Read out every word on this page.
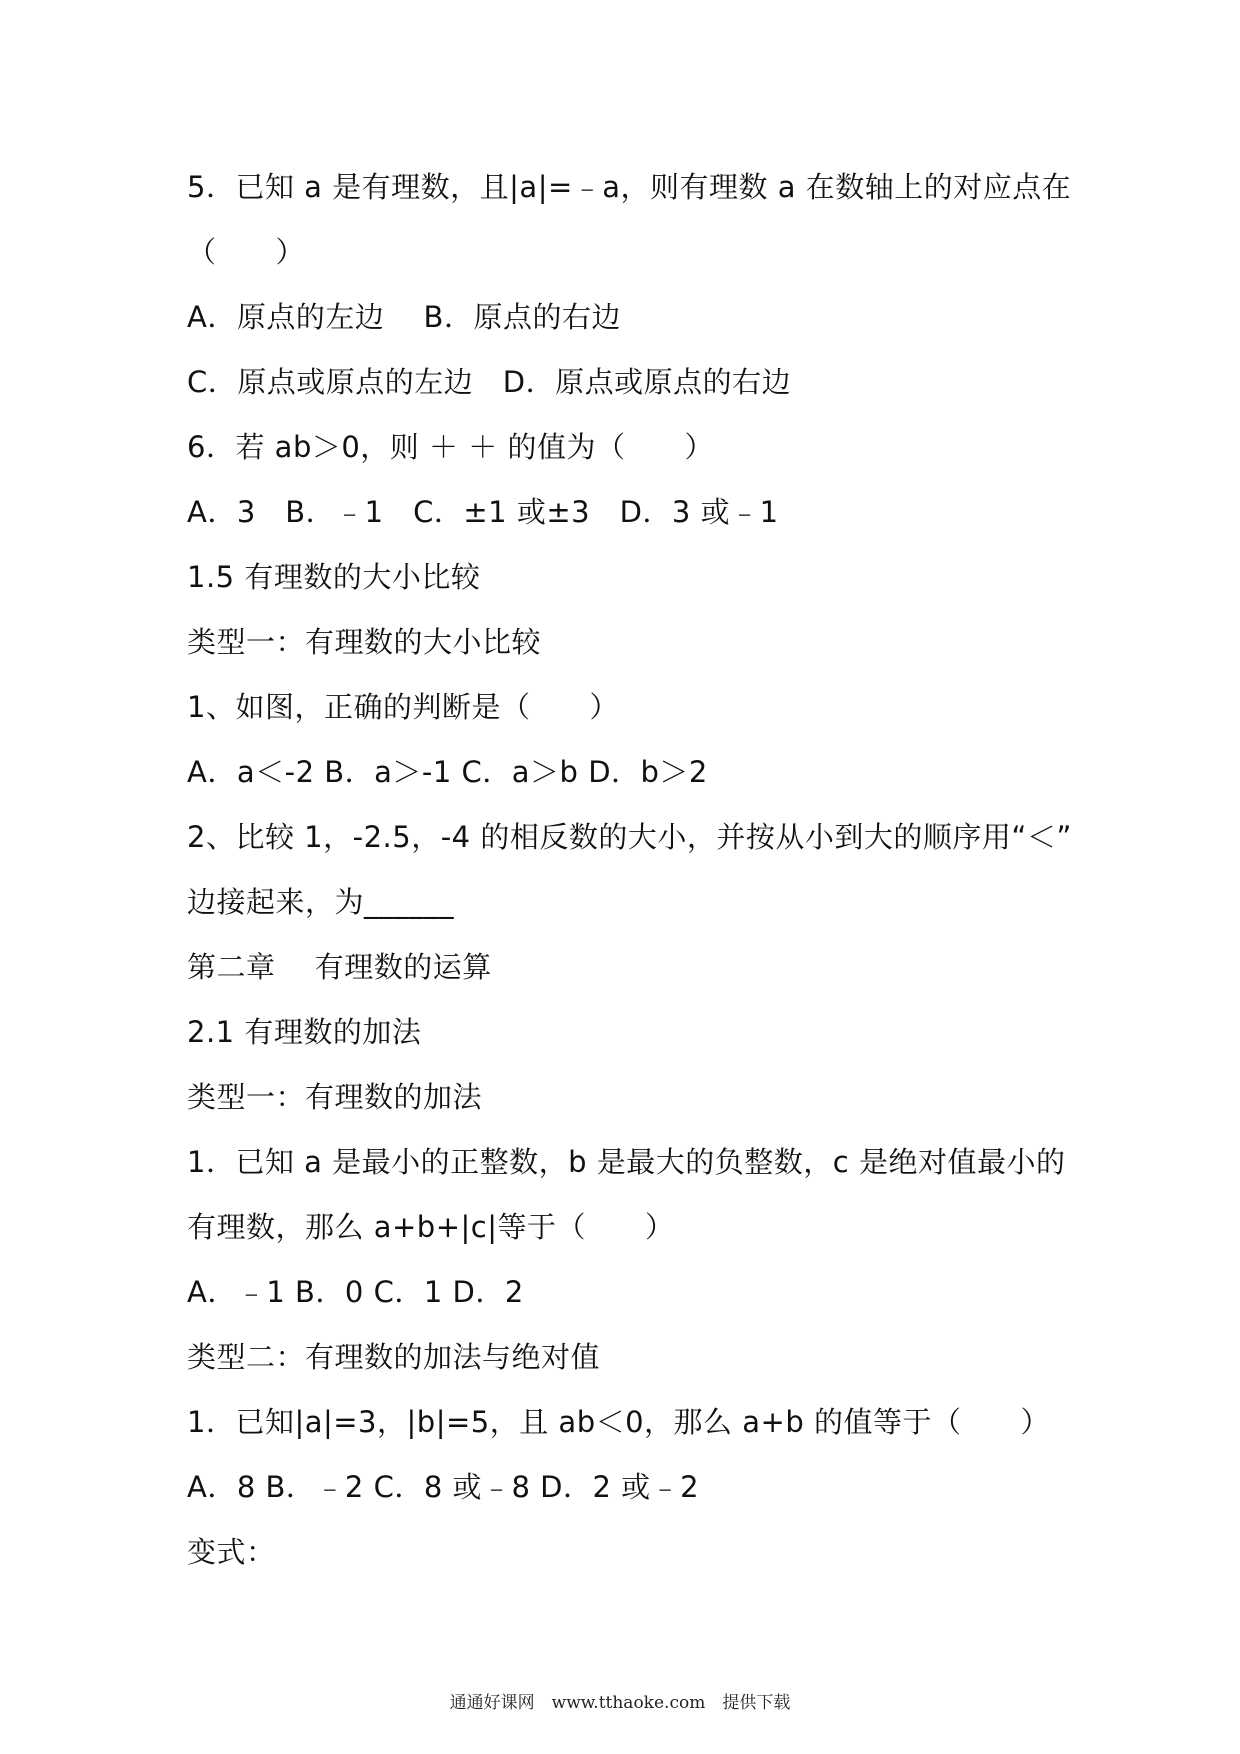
5．已知 a 是有理数，且|a|=﹣a，则有理数 a 在数轴上的对应点在
（　　）
A．原点的左边　 B．原点的右边
C．原点或原点的左边　D．原点或原点的右边
6．若 ab＞0，则 ＋ ＋ 的值为（　　）
A．3　B．﹣1　C．±1 或±3　D．3 或﹣1
1.5 有理数的大小比较
类型一：有理数的大小比较
1、如图，正确的判断是（　　）
A．a＜-2 B．a＞-1 C．a＞b D．b＞2
2、比较 1，-2.5，-4 的相反数的大小，并按从小到大的顺序用“＜”
边接起来，为______
第二章　 有理数的运算
2.1 有理数的加法
类型一：有理数的加法
1．已知 a 是最小的正整数，b 是最大的负整数，c 是绝对值最小的
有理数，那么 a+b+|c|等于（　　）
A．﹣1 B．0 C．1 D．2
类型二：有理数的加法与绝对值
1．已知|a|=3，|b|=5，且 ab＜0，那么 a+b 的值等于（　　）
A．8 B．﹣2 C．8 或﹣8 D．2 或﹣2
变式：
通通好课网　www.tthaoke.com　提供下载
